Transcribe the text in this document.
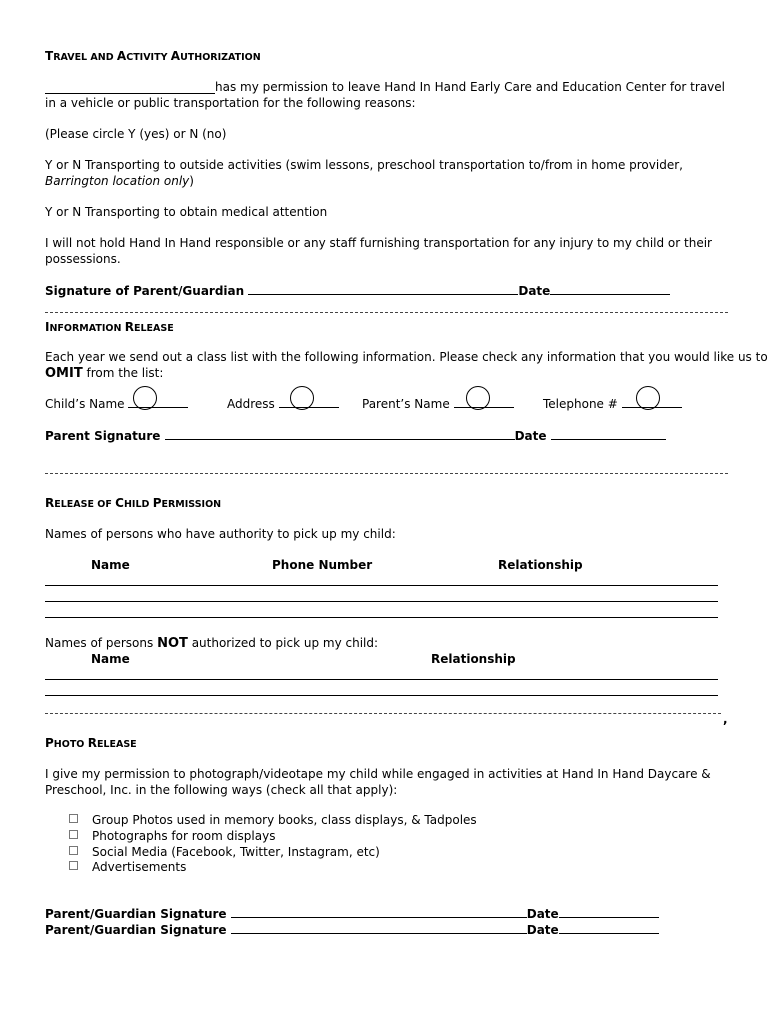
TRAVEL AND ACTIVITY AUTHORIZATION
has my permission to leave Hand In Hand Early Care and Education Center for travel in a vehicle or public transportation for the following reasons:
(Please circle Y (yes) or N (no)
Y or N Transporting to outside activities (swim lessons, preschool transportation to/from in home provider, Barrington location only)
Y or N Transporting to obtain medical attention
I will not hold Hand In Hand responsible or any staff furnishing transportation for any injury to my child or their possessions.
Signature of Parent/Guardian	Date
INFORMATION RELEASE
Each year we send out a class list with the following information. Please check any information that you would like us to
OMIT from the list:
Child’s Name	Address	Parent’s Name	Telephone #
Parent Signature	Date
RELEASE OF CHILD PERMISSION
Names of persons who have authority to pick up my child:
Name	Phone Number	Relationship
Names of persons NOT authorized to pick up my child:
Name	Relationship
,
PHOTO RELEASE
I give my permission to photograph/videotape my child while engaged in activities at Hand In Hand Daycare & Preschool, Inc. in the following ways (check all that apply):
Group Photos used in memory books, class displays, & Tadpoles
Photographs for room displays
Social Media (Facebook, Twitter, Instagram, etc)
Advertisements
Parent/Guardian Signature	Date
Parent/Guardian Signature	Date
